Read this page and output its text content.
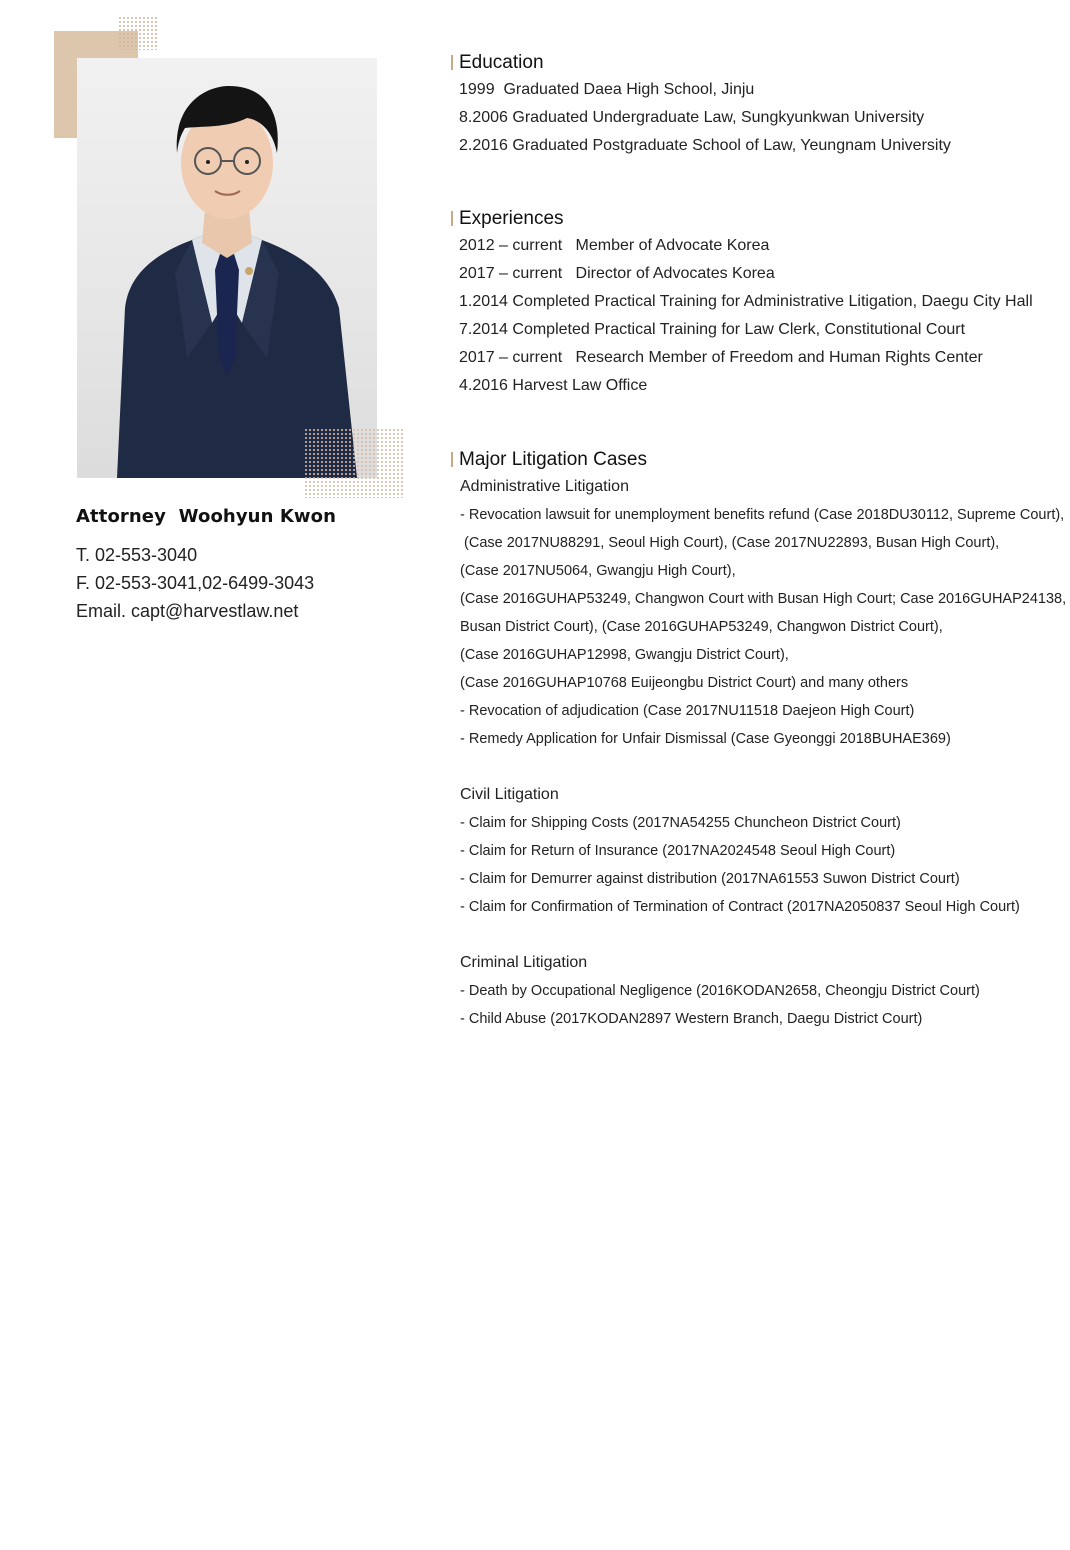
Attorney  Woohyun Kwon
T. 02-553-3040
F. 02-553-3041,02-6499-3043
Email. capt@harvestlaw.net
Education
1999  Graduated Daea High School, Jinju
8.2006 Graduated Undergraduate Law, Sungkyunkwan University
2.2016 Graduated Postgraduate School of Law, Yeungnam University
Experiences
2012 – current   Member of Advocate Korea
2017 – current   Director of Advocates Korea
1.2014 Completed Practical Training for Administrative Litigation, Daegu City Hall
7.2014 Completed Practical Training for Law Clerk, Constitutional Court
2017 – current   Research Member of Freedom and Human Rights Center
4.2016 Harvest Law Office
Major Litigation Cases
Administrative Litigation
- Revocation lawsuit for unemployment benefits refund (Case 2018DU30112, Supreme Court),
(Case 2017NU88291, Seoul High Court), (Case 2017NU22893, Busan High Court),
(Case 2017NU5064, Gwangju High Court),
(Case 2016GUHAP53249, Changwon Court with Busan High Court; Case 2016GUHAP24138,
Busan District Court), (Case 2016GUHAP53249, Changwon District Court),
(Case 2016GUHAP12998, Gwangju District Court),
(Case 2016GUHAP10768 Euijeongbu District Court) and many others
- Revocation of adjudication (Case 2017NU11518 Daejeon High Court)
- Remedy Application for Unfair Dismissal (Case Gyeonggi 2018BUHAE369)
Civil Litigation
- Claim for Shipping Costs (2017NA54255 Chuncheon District Court)
- Claim for Return of Insurance (2017NA2024548 Seoul High Court)
- Claim for Demurrer against distribution (2017NA61553 Suwon District Court)
- Claim for Confirmation of Termination of Contract (2017NA2050837 Seoul High Court)
Criminal Litigation
- Death by Occupational Negligence (2016KODAN2658, Cheongju District Court)
- Child Abuse (2017KODAN2897 Western Branch, Daegu District Court)
